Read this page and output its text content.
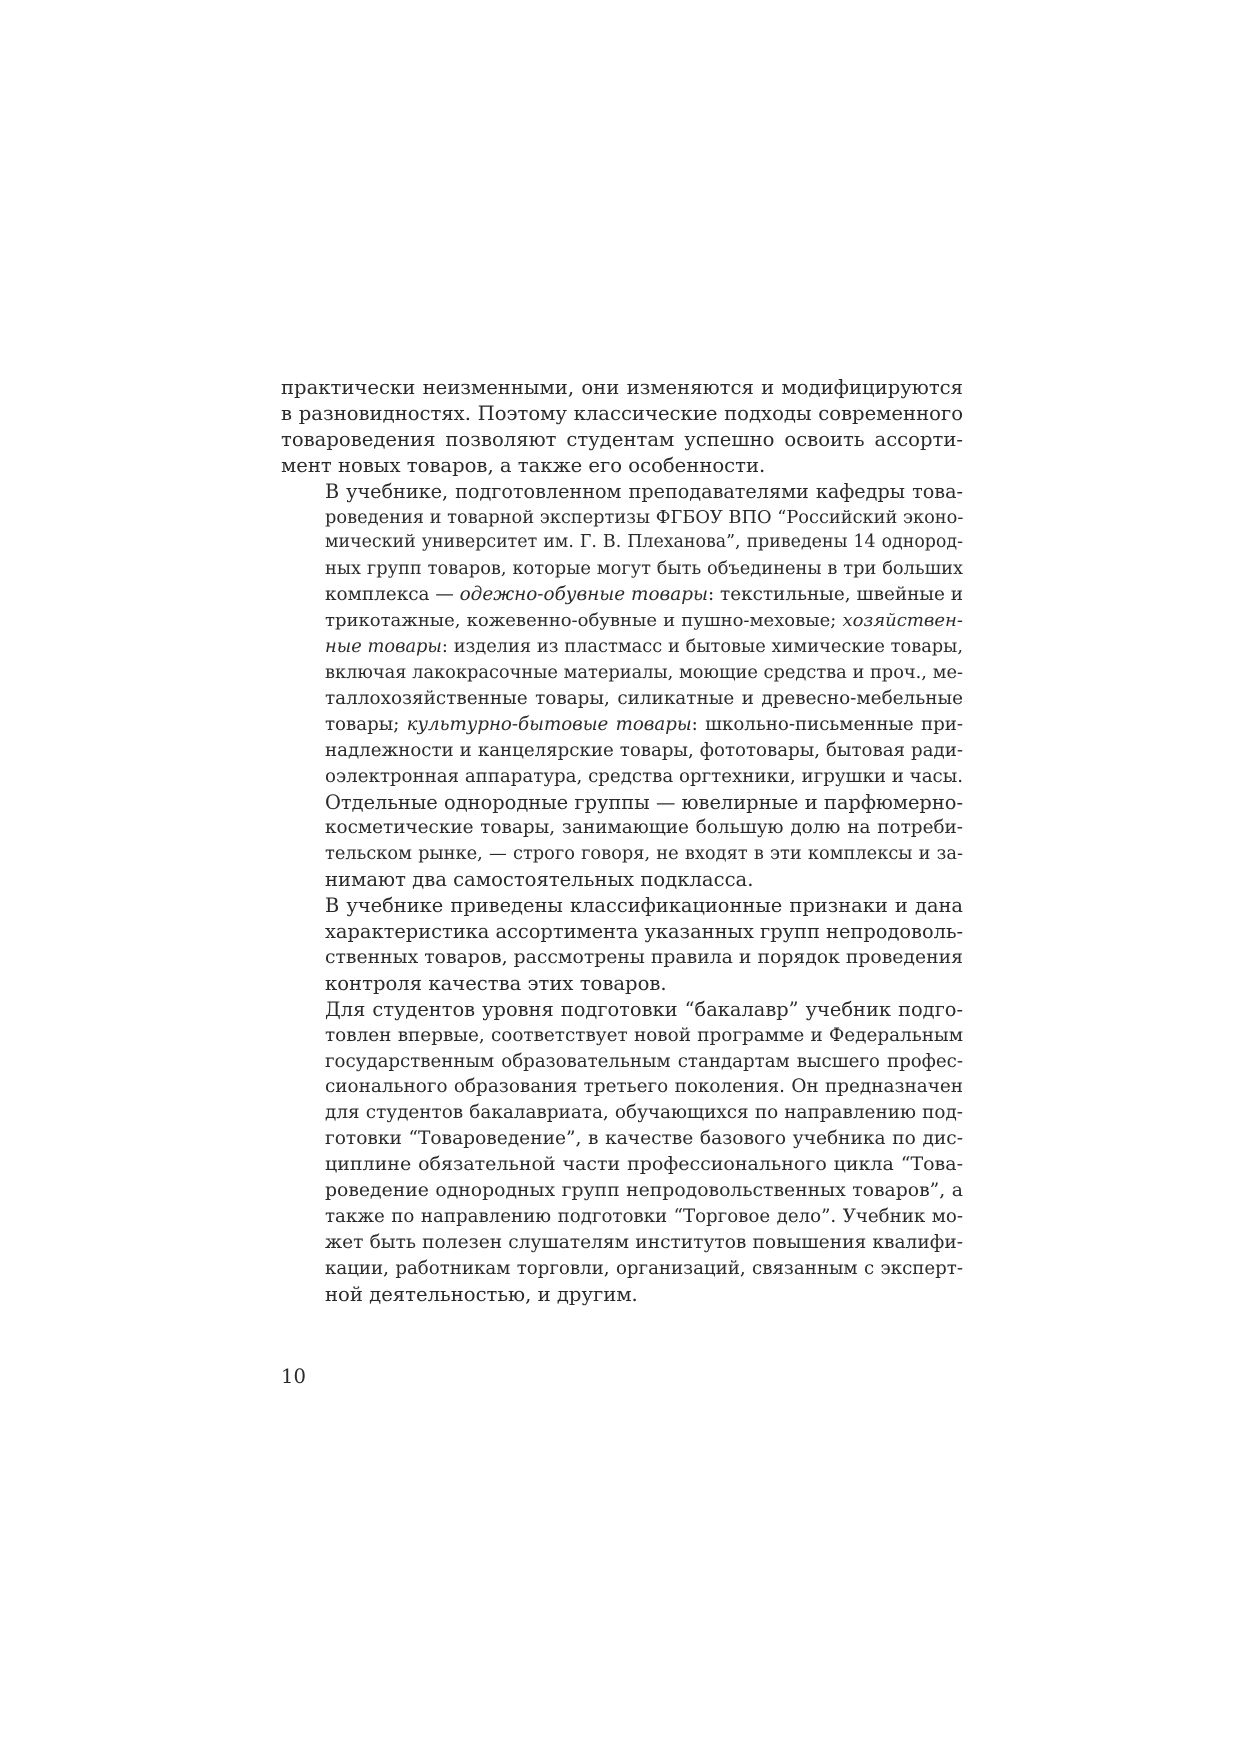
практически неизменными, они изменяются и модифицируются
в разновидностях. Поэтому классические подходы современного
товароведения позволяют студентам успешно освоить ассорти-
мент новых товаров, а также его особенности.
В учебнике, подготовленном преподавателями кафедры това-
роведения и товарной экспертизы ФГБОУ ВПО “Российский эконо-
мический университет им. Г. В. Плеханова”, приведены 14 однород-
ных групп товаров, которые могут быть объединены в три больших
комплекса — одежно-обувные товары: текстильные, швейные и
трикотажные, кожевенно-обувные и пушно-меховые; хозяйствен-
ные товары: изделия из пластмасс и бытовые химические товары,
включая лакокрасочные материалы, моющие средства и проч., ме-
таллохозяйственные товары, силикатные и древесно-мебельные
товары; культурно-бытовые товары: школьно-письменные при-
надлежности и канцелярские товары, фототовары, бытовая ради-
оэлектронная аппаратура, средства оргтехники, игрушки и часы.
Отдельные однородные группы — ювелирные и парфюмерно-
косметические товары, занимающие большую долю на потреби-
тельском рынке, — строго говоря, не входят в эти комплексы и за-
нимают два самостоятельных подкласса.
В учебнике приведены классификационные признаки и дана
характеристика ассортимента указанных групп непродоволь-
ственных товаров, рассмотрены правила и порядок проведения
контроля качества этих товаров.
Для студентов уровня подготовки “бакалавр” учебник подго-
товлен впервые, соответствует новой программе и Федеральным
государственным образовательным стандартам высшего профес-
сионального образования третьего поколения. Он предназначен
для студентов бакалавриата, обучающихся по направлению под-
готовки “Товароведение”, в качестве базового учебника по дис-
циплине обязательной части профессионального цикла “Това-
роведение однородных групп непродовольственных товаров”, а
также по направлению подготовки “Торговое дело”. Учебник мо-
жет быть полезен слушателям институтов повышения квалифи-
кации, работникам торговли, организаций, связанным с эксперт-
ной деятельностью, и другим.
10
